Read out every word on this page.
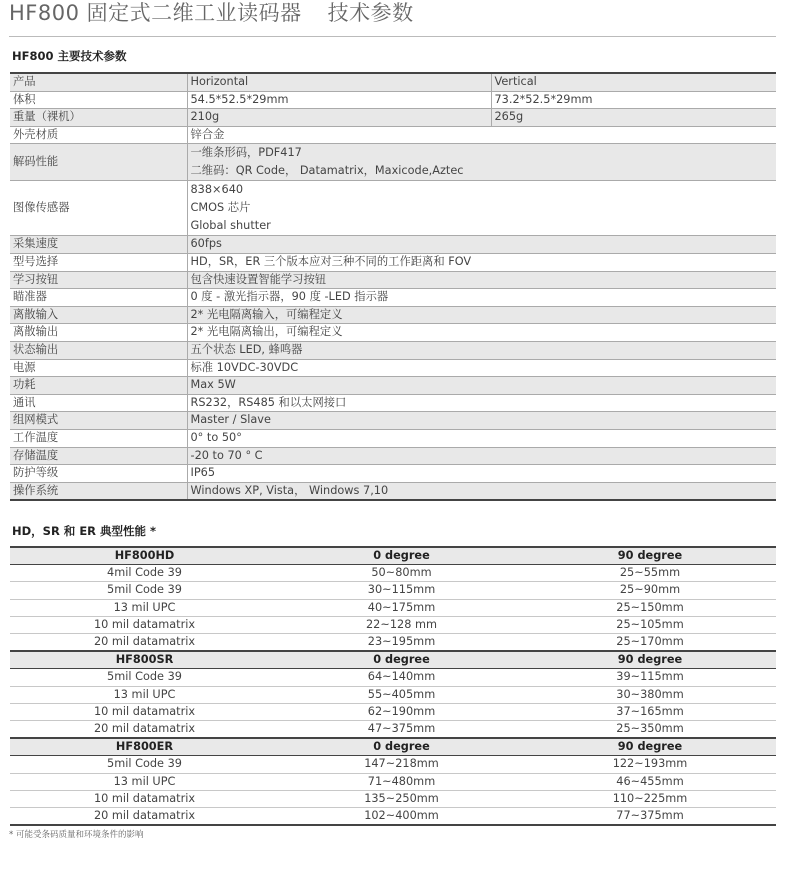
HF800 固定式二维工业读码器 技术参数
HF800 主要技术参数
产品	Horizontal	Vertical
体积	54.5*52.5*29mm	73.2*52.5*29mm
重量（裸机）	210g	265g
外壳材质	锌合金	

解码性能	一维条形码，PDF417
二维码：QR Code， Datamatrix，Maxicode,Aztec	

图像传感器	838×640
CMOS 芯片
Global shutter	

采集速度	60fps	

型号选择	HD，SR，ER 三个版本应对三种不同的工作距离和 FOV	

学习按钮	包含快速设置智能学习按钮	

瞄准器	0 度 - 激光指示器，90 度 -LED 指示器	

离散输入	2* 光电隔离输入，可编程定义	

离散输出	2* 光电隔离输出，可编程定义	

状态输出	五个状态 LED, 蜂鸣器	

电源	标准 10VDC-30VDC	

功耗	Max 5W	

通讯	RS232，RS485 和以太网接口	

组网模式	Master / Slave	

工作温度	0° to 50°	

存储温度	-20 to 70 ° C	

防护等级	IP65	

操作系统	Windows XP, Vista， Windows 7,10	
HD，SR 和 ER 典型性能 *
HF800HD	0 degree	90 degree
4mil Code 39	50~80mm	25~55mm
5mil Code 39	30~115mm	25~90mm
13 mil UPC	40~175mm	25~150mm
10 mil datamatrix	22~128 mm	25~105mm
20 mil datamatrix	23~195mm	25~170mm
HF800SR	0 degree	90 degree
5mil Code 39	64~140mm	39~115mm
13 mil UPC	55~405mm	30~380mm
10 mil datamatrix	62~190mm	37~165mm
20 mil datamatrix	47~375mm	25~350mm
HF800ER	0 degree	90 degree
5mil Code 39	147~218mm	122~193mm
13 mil UPC	71~480mm	46~455mm
10 mil datamatrix	135~250mm	110~225mm
20 mil datamatrix	102~400mm	77~375mm
* 可能受条码质量和环境条件的影响
